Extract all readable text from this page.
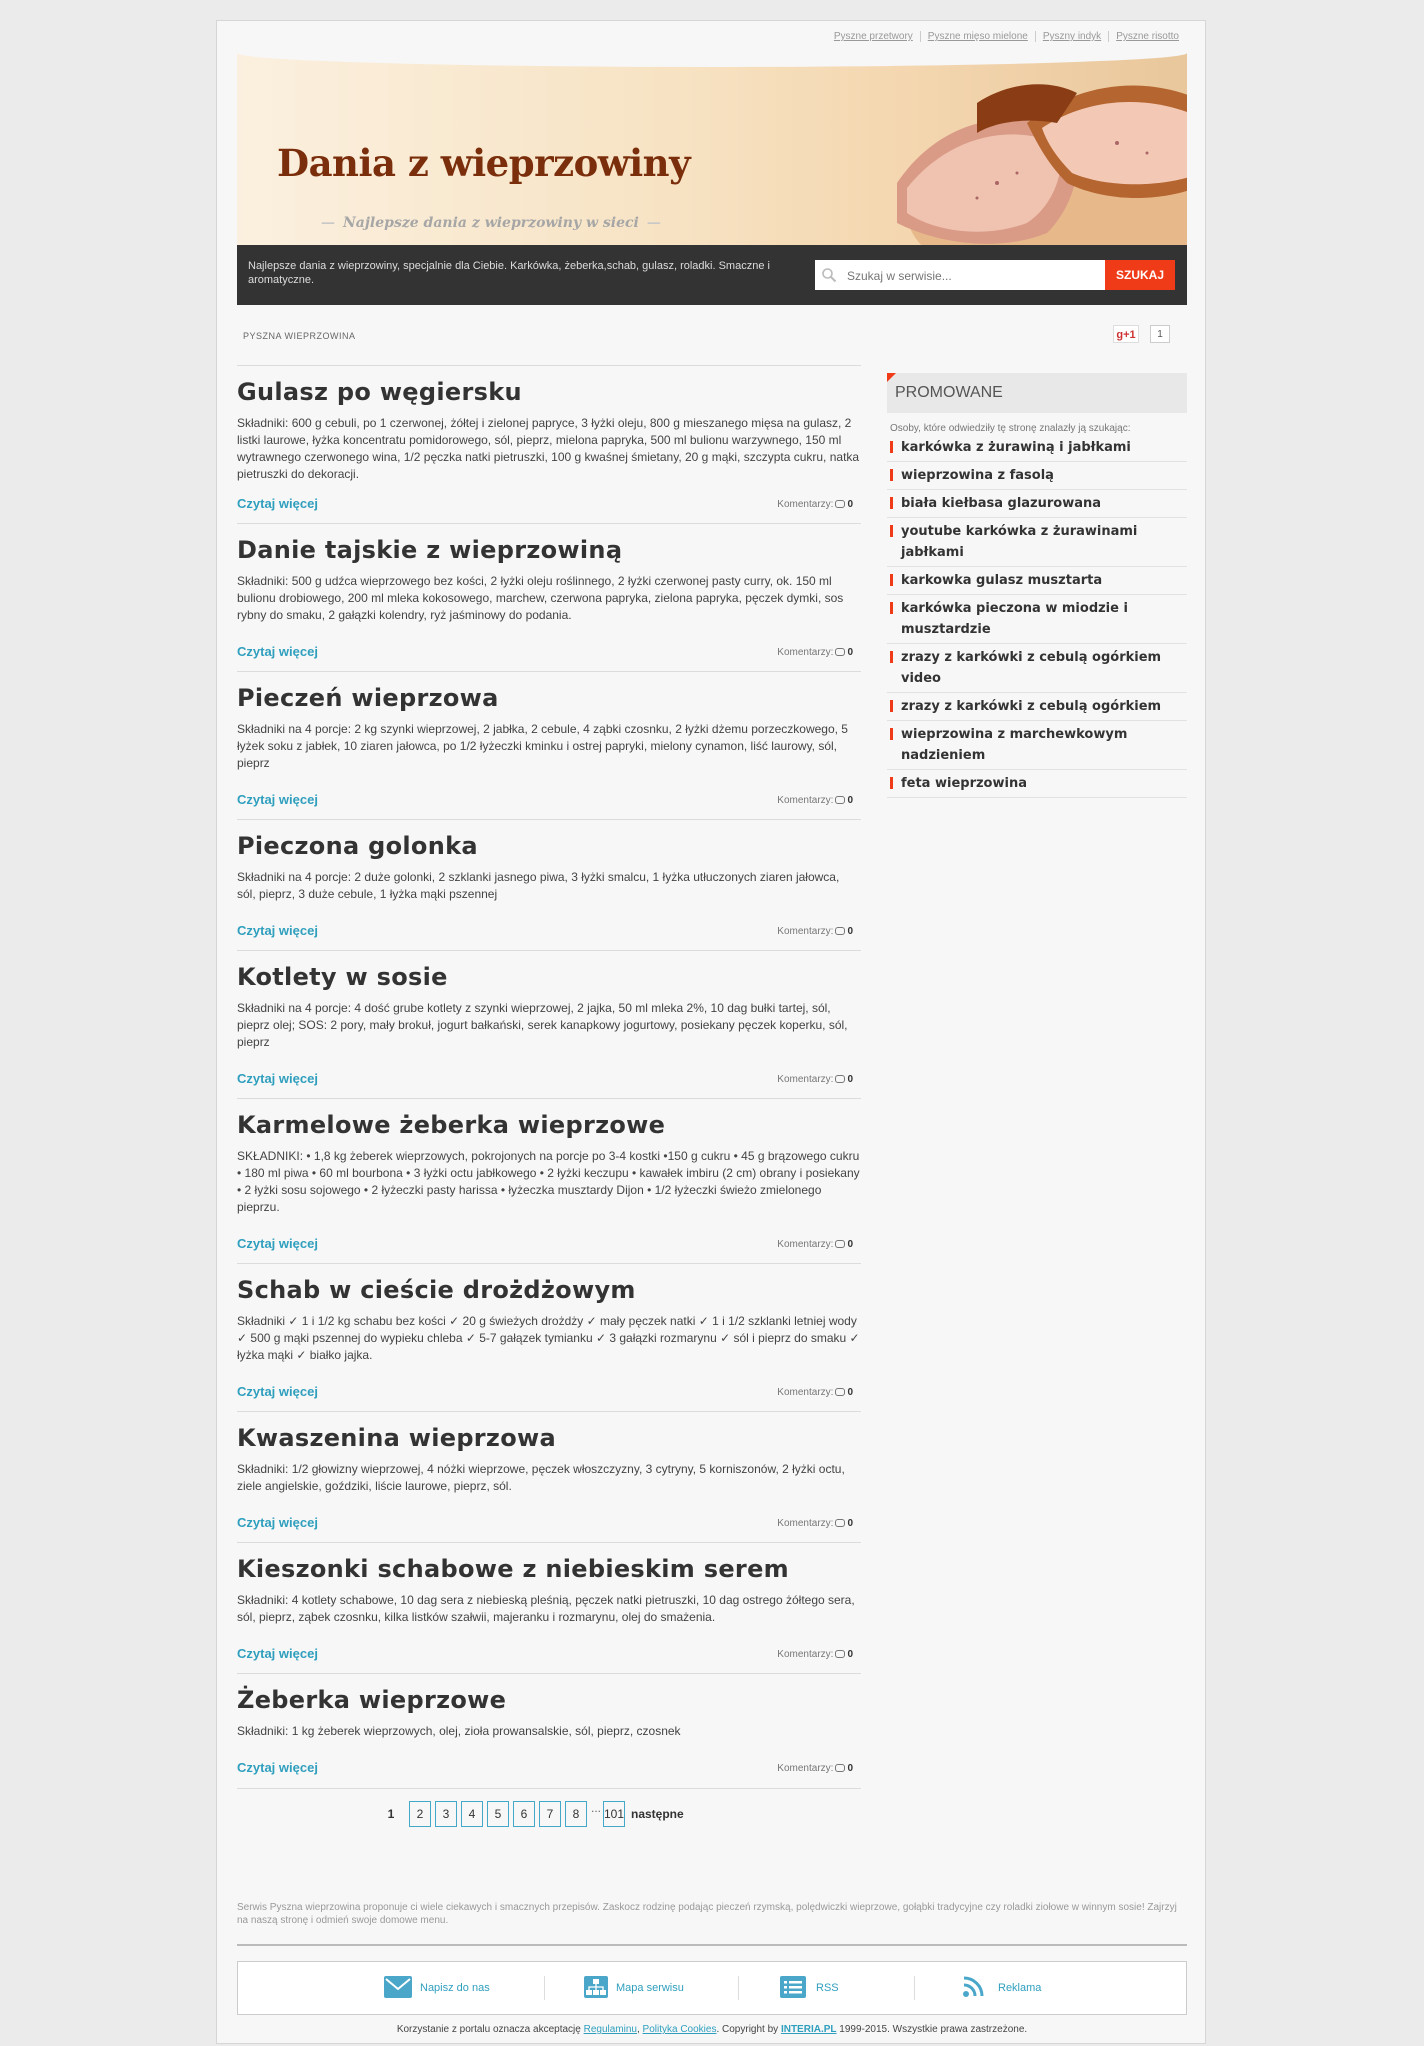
Pyszne przetwory Pyszne mięso mielone Pyszny indyk Pyszne risotto
Dania z wieprzowiny
— Najlepsze dania z wieprzowiny w sieci —
Najlepsze dania z wieprzowiny, specjalnie dla Ciebie. Karkówka, żeberka,schab, gulasz, roladki. Smaczne i aromatyczne.
Szukaj w serwisie...	SZUKAJ
PYSZNA WIEPRZOWINA	g+1	1
Gulasz po węgiersku

Składniki: 600 g cebuli, po 1 czerwonej, żółtej i zielonej papryce, 3 łyżki oleju, 800 g mieszanego mięsa na gulasz, 2 listki laurowe, łyżka koncentratu pomidorowego, sól, pieprz, mielona papryka, 500 ml bulionu warzywnego, 150 ml wytrawnego czerwonego wina, 1/2 pęczka natki pietruszki, 100 g kwaśnej śmietany, 20 g mąki, szczypta cukru, natka pietruszki do dekoracji.

Czytaj więcej	Komentarzy: 0
Danie tajskie z wieprzowiną

Składniki: 500 g udźca wieprzowego bez kości, 2 łyżki oleju roślinnego, 2 łyżki czerwonej pasty curry, ok. 150 ml bulionu drobiowego, 200 ml mleka kokosowego, marchew, czerwona papryka, zielona papryka, pęczek dymki, sos rybny do smaku, 2 gałązki kolendry, ryż jaśminowy do podania.

Czytaj więcej	Komentarzy: 0
Pieczeń wieprzowa

Składniki na 4 porcje: 2 kg szynki wieprzowej, 2 jabłka, 2 cebule, 4 ząbki czosnku, 2 łyżki dżemu porzeczkowego, 5 łyżek soku z jabłek, 10 ziaren jałowca, po 1/2 łyżeczki kminku i ostrej papryki, mielony cynamon, liść laurowy, sól, pieprz

Czytaj więcej	Komentarzy: 0
Pieczona golonka

Składniki na 4 porcje: 2 duże golonki, 2 szklanki jasnego piwa, 3 łyżki smalcu, 1 łyżka utłuczonych ziaren jałowca, sól, pieprz, 3 duże cebule, 1 łyżka mąki pszennej

Czytaj więcej	Komentarzy: 0
Kotlety w sosie

Składniki na 4 porcje: 4 dość grube kotlety z szynki wieprzowej, 2 jajka, 50 ml mleka 2%, 10 dag bułki tartej, sól, pieprz olej; SOS: 2 pory, mały brokuł, jogurt bałkański, serek kanapkowy jogurtowy, posiekany pęczek koperku, sól, pieprz

Czytaj więcej	Komentarzy: 0
Karmelowe żeberka wieprzowe

SKŁADNIKI: • 1,8 kg żeberek wieprzowych, pokrojonych na porcje po 3-4 kostki •150 g cukru • 45 g brązowego cukru • 180 ml piwa • 60 ml bourbona • 3 łyżki octu jabłkowego • 2 łyżki keczupu • kawałek imbiru (2 cm) obrany i posiekany • 2 łyżki sosu sojowego • 2 łyżeczki pasty harissa • łyżeczka musztardy Dijon • 1/2 łyżeczki świeżo zmielonego pieprzu.

Czytaj więcej	Komentarzy: 0
Schab w cieście drożdżowym

Składniki ✓ 1 i 1/2 kg schabu bez kości ✓ 20 g świeżych drożdży ✓ mały pęczek natki ✓ 1 i 1/2 szklanki letniej wody ✓ 500 g mąki pszennej do wypieku chleba ✓ 5-7 gałązek tymianku ✓ 3 gałązki rozmarynu ✓ sól i pieprz do smaku ✓ łyżka mąki ✓ białko jajka.

Czytaj więcej	Komentarzy: 0
Kwaszenina wieprzowa

Składniki: 1/2 głowizny wieprzowej, 4 nóżki wieprzowe, pęczek włoszczyzny, 3 cytryny, 5 korniszonów, 2 łyżki octu, ziele angielskie, goździki, liście laurowe, pieprz, sól.

Czytaj więcej	Komentarzy: 0
Kieszonki schabowe z niebieskim serem

Składniki: 4 kotlety schabowe, 10 dag sera z niebieską pleśnią, pęczek natki pietruszki, 10 dag ostrego żółtego sera, sól, pieprz, ząbek czosnku, kilka listków szałwii, majeranku i rozmarynu, olej do smażenia.

Czytaj więcej	Komentarzy: 0
Żeberka wieprzowe

Składniki: 1 kg żeberek wieprzowych, olej, zioła prowansalskie, sól, pieprz, czosnek

Czytaj więcej	Komentarzy: 0
1 2 3 4 5 6 7 8 ... 101 następne
PROMOWANE
Osoby, które odwiedziły tę stronę znalazły ją szukając:
karkówka z żurawiną i jabłkami
wieprzowina z fasolą
biała kiełbasa glazurowana
youtube karkówka z żurawinami jabłkami
karkowka gulasz musztarta
karkówka pieczona w miodzie i musztardzie
zrazy z karkówki z cebulą ogórkiem video
zrazy z karkówki z cebulą ogórkiem
wieprzowina z marchewkowym nadzieniem
feta wieprzowina
Serwis Pyszna wieprzowina proponuje ci wiele ciekawych i smacznych przepisów. Zaskocz rodzinę podając pieczeń rzymską, polędwiczki wieprzowe, gołąbki tradycyjne czy roladki ziołowe w winnym sosie! Zajrzyj na naszą stronę i odmień swoje domowe menu.
Napisz do nas	Mapa serwisu	RSS	Reklama
Korzystanie z portalu oznacza akceptację Regulaminu, Polityka Cookies. Copyright by INTERIA.PL 1999-2015. Wszystkie prawa zastrzeżone.
